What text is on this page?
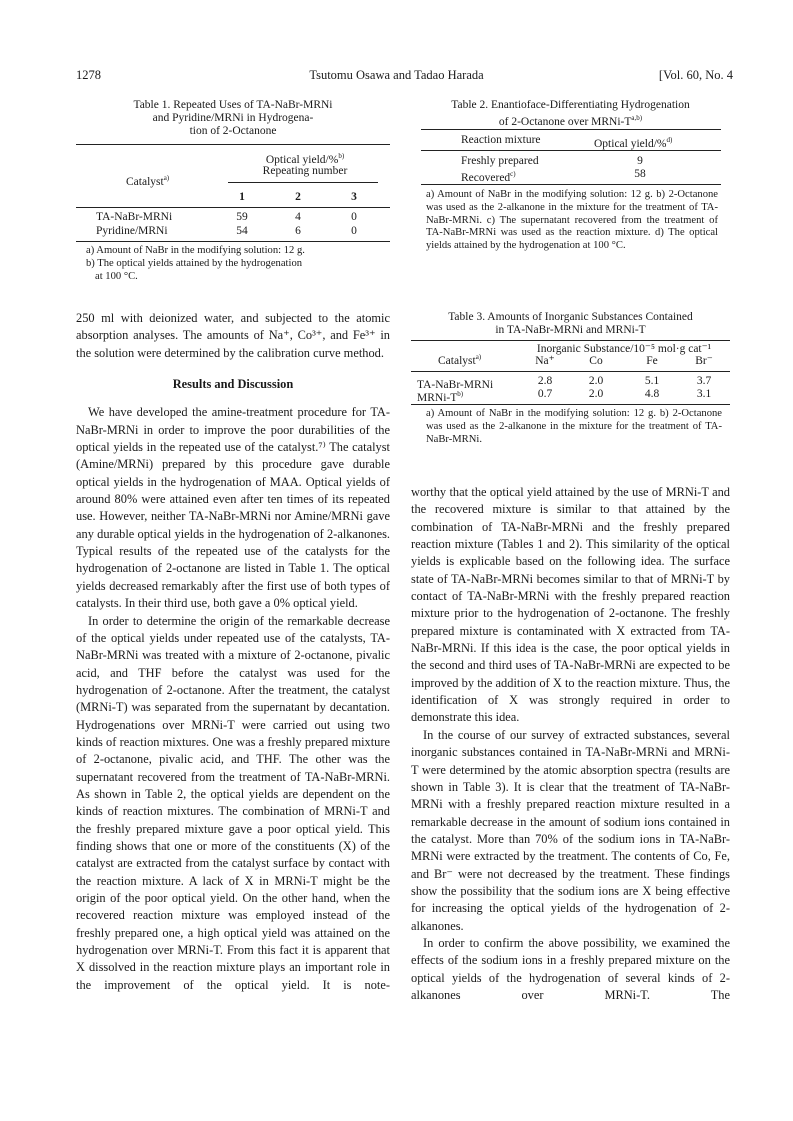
1278	Tsutomu Osawa and Tadao Harada	[Vol. 60, No. 4
Table 1. Repeated Uses of TA-NaBr-MRNi
and Pyridine/MRNi in Hydrogena-
tion of 2-Octanone
Catalyst$^{a)}$
Optical yield/%$^{b)}$
Repeating number
1	2	3
TA-NaBr-MRNi	59	4	0
Pyridine/MRNi	54	6	0
a) Amount of NaBr in the modifying solution: 12 g.
b) The optical yields attained by the hydrogenation
at 100 °C.
Table 2. Enantioface-Differentiating Hydrogenation
of 2-Octanone over MRNi-$T^{a,b)}$
Reaction mixture	Optical yield/%$^{d)}$
Freshly prepared	9
Recovered$^{c)}$	58
a) Amount of NaBr in the modifying solution: 12 g. b) 2-Octanone was used as the 2-alkanone in the mixture for the treatment of TA-NaBr-MRNi. c) The supernatant recovered from the treatment of TA-NaBr-MRNi was used as the reaction mixture. d) The optical yields attained by the hydrogenation at 100 °C.
Table 3. Amounts of Inorganic Substances Contained
in TA-NaBr-MRNi and MRNi-T
Catalyst$^{a)}$
Inorganic Substance/10⁻⁵ mol·g cat⁻¹
Na⁺	Co	Fe	Br⁻
TA-NaBr-MRNi	2.8	2.0	5.1	3.7
MRNi-$T^{b)}$	0.7	2.0	4.8	3.1
a) Amount of NaBr in the modifying solution: 12 g. b) 2-Octanone was used as the 2-alkanone in the mixture for the treatment of TA-NaBr-MRNi.

250 ml with deionized water, and subjected to the atomic absorption analyses. The amounts of Na⁺, Co³⁺, and Fe³⁺ in the solution were determined by the calibration curve method.

Results and Discussion

We have developed the amine-treatment procedure for TA-NaBr-MRNi in order to improve the poor durabilities of the optical yields in the repeated use of the catalyst.⁷⁾ The catalyst (Amine/MRNi) prepared by this procedure gave durable optical yields in the hydrogenation of MAA. Optical yields of around 80% were attained even after ten times of its repeated use. However, neither TA-NaBr-MRNi nor Amine/MRNi gave any durable optical yields in the hydrogenation of 2-alkanones. Typical results of the repeated use of the catalysts for the hydrogenation of 2-octanone are listed in Table 1. The optical yields decreased remarkably after the first use of both types of catalysts. In their third use, both gave a 0% optical yield.

In order to determine the origin of the remarkable decrease of the optical yields under repeated use of the catalysts, TA-NaBr-MRNi was treated with a mixture of 2-octanone, pivalic acid, and THF before the catalyst was used for the hydrogenation of 2-octanone. After the treatment, the catalyst (MRNi-T) was separated from the supernatant by decantation. Hydrogenations over MRNi-T were carried out using two kinds of reaction mixtures. One was a freshly prepared mixture of 2-octanone, pivalic acid, and THF. The other was the supernatant recovered from the treatment of TA-NaBr-MRNi. As shown in Table 2, the optical yields are dependent on the kinds of reaction mixtures. The combination of MRNi-T and the freshly prepared mixture gave a poor optical yield. This finding shows that one or more of the constituents (X) of the catalyst are extracted from the catalyst surface by contact with the reaction mixture. A lack of X in MRNi-T might be the origin of the poor optical yield. On the other hand, when the recovered reaction mixture was employed instead of the freshly prepared one, a high optical yield was attained on the hydrogenation over MRNi-T. From this fact it is apparent that X dissolved in the reaction mixture plays an important role in the improvement of the optical yield. It is note-

worthy that the optical yield attained by the use of MRNi-T and the recovered mixture is similar to that attained by the combination of TA-NaBr-MRNi and the freshly prepared reaction mixture (Tables 1 and 2). This similarity of the optical yields is explicable based on the following idea. The surface state of TA-NaBr-MRNi becomes similar to that of MRNi-T by contact of TA-NaBr-MRNi with the freshly prepared reaction mixture prior to the hydrogenation of 2-octanone. The freshly prepared mixture is contaminated with X extracted from TA-NaBr-MRNi. If this idea is the case, the poor optical yields in the second and third uses of TA-NaBr-MRNi are expected to be improved by the addition of X to the reaction mixture. Thus, the identification of X was strongly required in order to demonstrate this idea.

In the course of our survey of extracted substances, several inorganic substances contained in TA-NaBr-MRNi and MRNi-T were determined by the atomic absorption spectra (results are shown in Table 3). It is clear that the treatment of TA-NaBr-MRNi with a freshly prepared reaction mixture resulted in a remarkable decrease in the amount of sodium ions contained in the catalyst. More than 70% of the sodium ions in TA-NaBr-MRNi were extracted by the treatment. The contents of Co, Fe, and Br⁻ were not decreased by the treatment. These findings show the possibility that the sodium ions are X being effective for increasing the optical yields of the hydrogenation of 2-alkanones.

In order to confirm the above possibility, we examined the effects of the sodium ions in a freshly prepared mixture on the optical yields of the hydrogenation of several kinds of 2-alkanones over MRNi-T. The
